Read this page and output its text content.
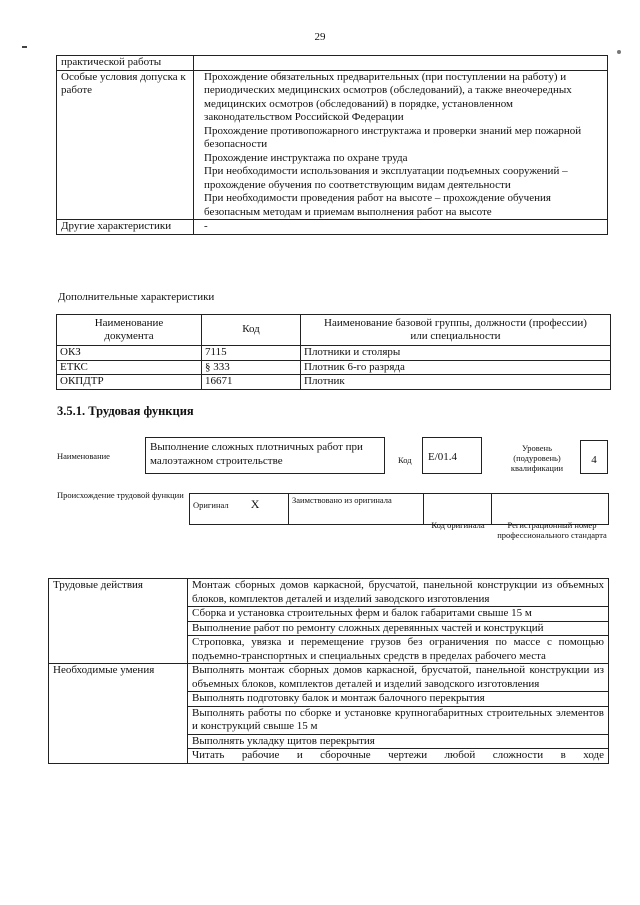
29
практической работы	
Особые условия допуска к работе	Прохождение обязательных предварительных (при поступлении на работу) и периодических медицинских осмотров (обследований), а также внеочередных медицинских осмотров (обследований) в порядке, установленном законодательством Российской Федерации
Прохождение противопожарного инструктажа и проверки знаний мер пожарной безопасности
Прохождение инструктажа по охране труда
При необходимости использования и эксплуатации подъемных сооружений – прохождение обучения по соответствующим видам деятельности
При необходимости проведения работ на высоте – прохождение обучения безопасным методам и приемам выполнения работ на высоте

Другие характеристики	-
Дополнительные характеристики
Наименование документа	Код	Наименование базовой группы, должности (профессии) или специальности
ОКЗ	7115	Плотники и столяры
ЕТКС	§ 333	Плотник 6-го разряда
ОКПДТР	16671	Плотник
3.5.1. Трудовая функция
Наименование
Выполнение сложных плотничных работ при малоэтажном строительстве	Код	E/01.4
Уровень (подуровень) квалификации
4
Происхождение трудовой функции
Оригинал X	Заимствовано из оригинала		
Код оригинала	Регистрационный номер профессионального стандарта
Трудовые действия	Монтаж сборных домов каркасной, брусчатой, панельной конструкции из объемных блоков, комплектов деталей и изделий заводского изготовления
	Сборка и установка строительных ферм и балок габаритами свыше 15 м
	Выполнение работ по ремонту сложных деревянных частей и конструкций
	Строповка, увязка и перемещение грузов без ограничения по массе с помощью подъемно-транспортных и специальных средств в пределах рабочего места
Необходимые умения	Выполнять монтаж сборных домов каркасной, брусчатой, панельной конструкции из объемных блоков, комплектов деталей и изделий заводского изготовления
	Выполнять подготовку балок и монтаж балочного перекрытия
	Выполнять работы по сборке и установке крупногабаритных строительных элементов и конструкций свыше 15 м
	Выполнять укладку щитов перекрытия
	Читать рабочие и сборочные чертежи любой сложности в ходе
